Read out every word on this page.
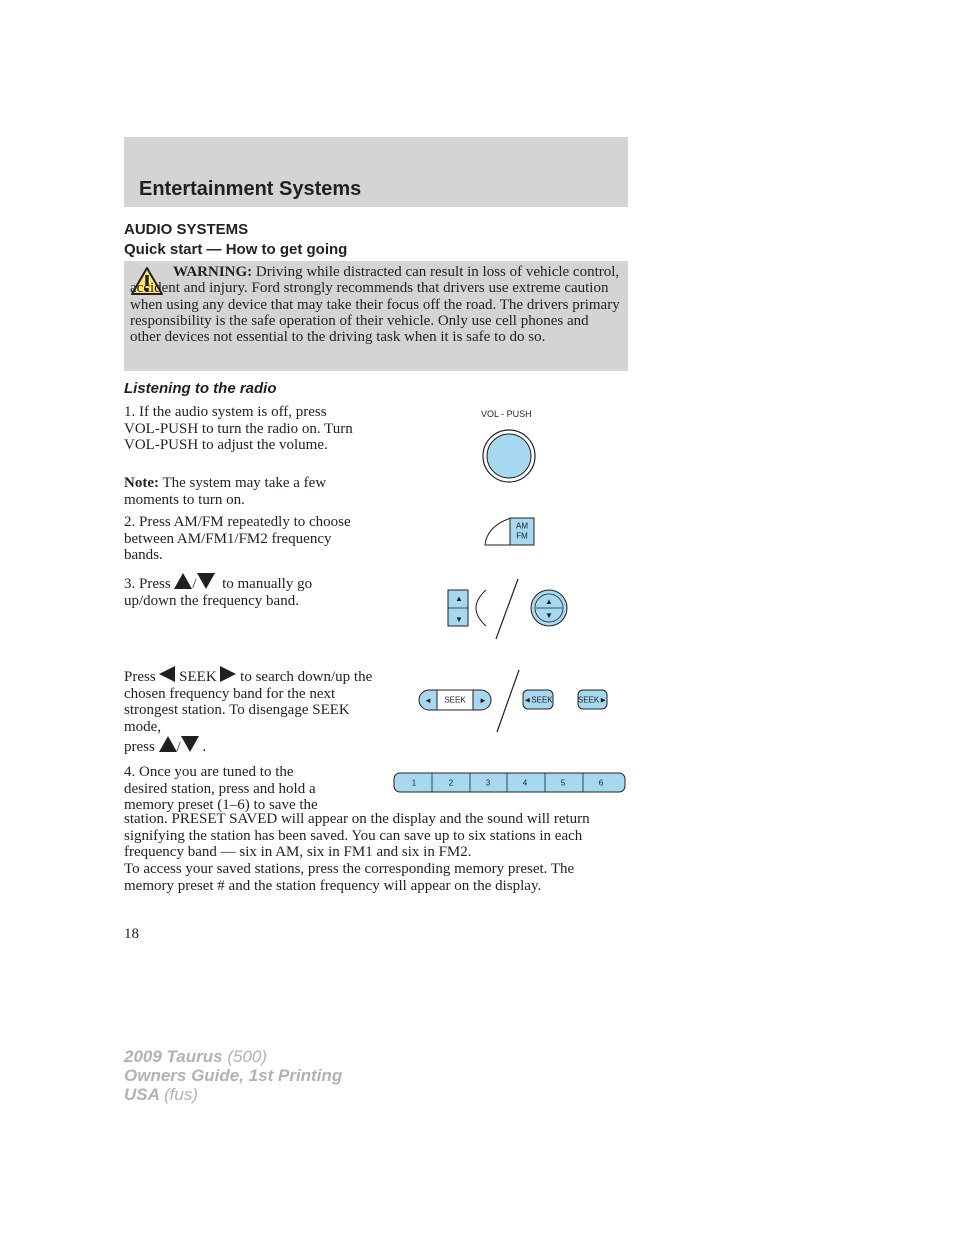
Entertainment Systems
AUDIO SYSTEMS
Quick start — How to get going
WARNING: Driving while distracted can result in loss of vehicle control, accident and injury. Ford strongly recommends that drivers use extreme caution when using any device that may take their focus off the road. The drivers primary responsibility is the safe operation of their vehicle. Only use cell phones and other devices not essential to the driving task when it is safe to do so.
Listening to the radio
1. If the audio system is off, press VOL-PUSH to turn the radio on. Turn VOL-PUSH to adjust the volume.
Note: The system may take a few moments to turn on.
VOL - PUSH
2. Press AM/FM repeatedly to choose between AM/FM1/FM2 frequency bands.
AM
FM
3. Press / to manually go up/down the frequency band.	▲
▼
▲
▼
Press SEEK to search down/up the chosen frequency band for the next strongest station. To disengage SEEK mode,
press / .
SEEK
◄	►	◄SEEK	SEEK►
4. Once you are tuned to the
desired station, press and hold a
memory preset (1–6) to save the
station. PRESET SAVED will appear on the display and the sound will return signifying the station has been saved. You can save up to six stations in each frequency band — six in AM, six in FM1 and six in FM2.
1	2	3	4	5	6
To access your saved stations, press the corresponding memory preset. The memory preset # and the station frequency will appear on the display.
18
2009 Taurus (500)
Owners Guide, 1st Printing
USA (fus)
